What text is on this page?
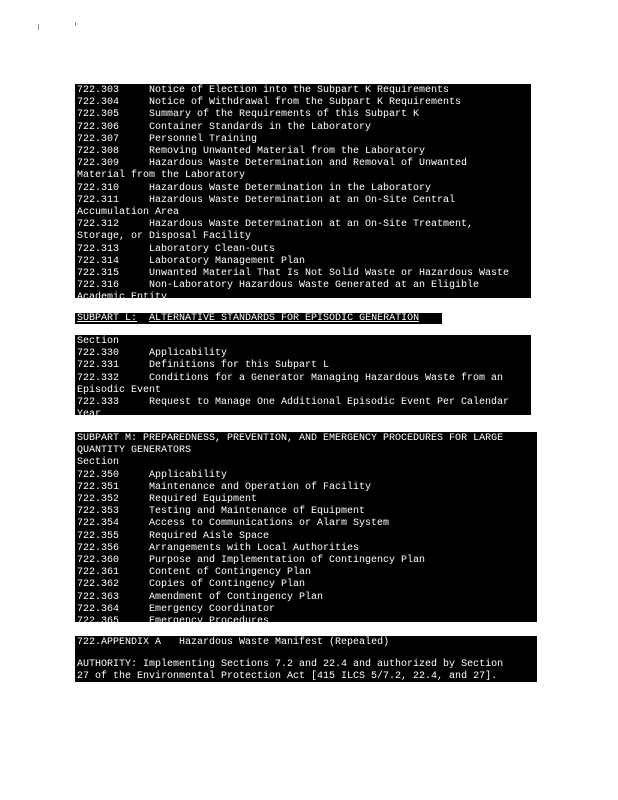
722.303	Notice of Election into the Subpart K Requirements
722.304	Notice of Withdrawal from the Subpart K Requirements
722.305	Summary of the Requirements of this Subpart K
722.306	Container Standards in the Laboratory
722.307	Personnel Training
722.308	Removing Unwanted Material from the Laboratory
722.309	Hazardous Waste Determination and Removal of Unwanted
Material from the Laboratory
722.310	Hazardous Waste Determination in the Laboratory
722.311	Hazardous Waste Determination at an On-Site Central
Accumulation Area
722.312	Hazardous Waste Determination at an On-Site Treatment,
Storage, or Disposal Facility
722.313	Laboratory Clean-Outs
722.314	Laboratory Management Plan
722.315	Unwanted Material That Is Not Solid Waste or Hazardous Waste
722.316	Non-Laboratory Hazardous Waste Generated at an Eligible
Academic Entity
SUBPART L: ALTERNATIVE STANDARDS FOR EPISODIC GENERATION
Section
722.330	Applicability
722.331	Definitions for this Subpart L
722.332	Conditions for a Generator Managing Hazardous Waste from an
Episodic Event
722.333	Request to Manage One Additional Episodic Event Per Calendar
Year
SUBPART M: PREPAREDNESS, PREVENTION, AND EMERGENCY PROCEDURES FOR LARGE
QUANTITY GENERATORS
Section
722.350	Applicability
722.351	Maintenance and Operation of Facility
722.352	Required Equipment
722.353	Testing and Maintenance of Equipment
722.354	Access to Communications or Alarm System
722.355	Required Aisle Space
722.356	Arrangements with Local Authorities
722.360	Purpose and Implementation of Contingency Plan
722.361	Content of Contingency Plan
722.362	Copies of Contingency Plan
722.363	Amendment of Contingency Plan
722.364	Emergency Coordinator
722.365	Emergency Procedures
722.APPENDIX A Hazardous Waste Manifest (Repealed)
AUTHORITY: Implementing Sections 7.2 and 22.4 and authorized by Section
27 of the Environmental Protection Act [415 ILCS 5/7.2, 22.4, and 27].
